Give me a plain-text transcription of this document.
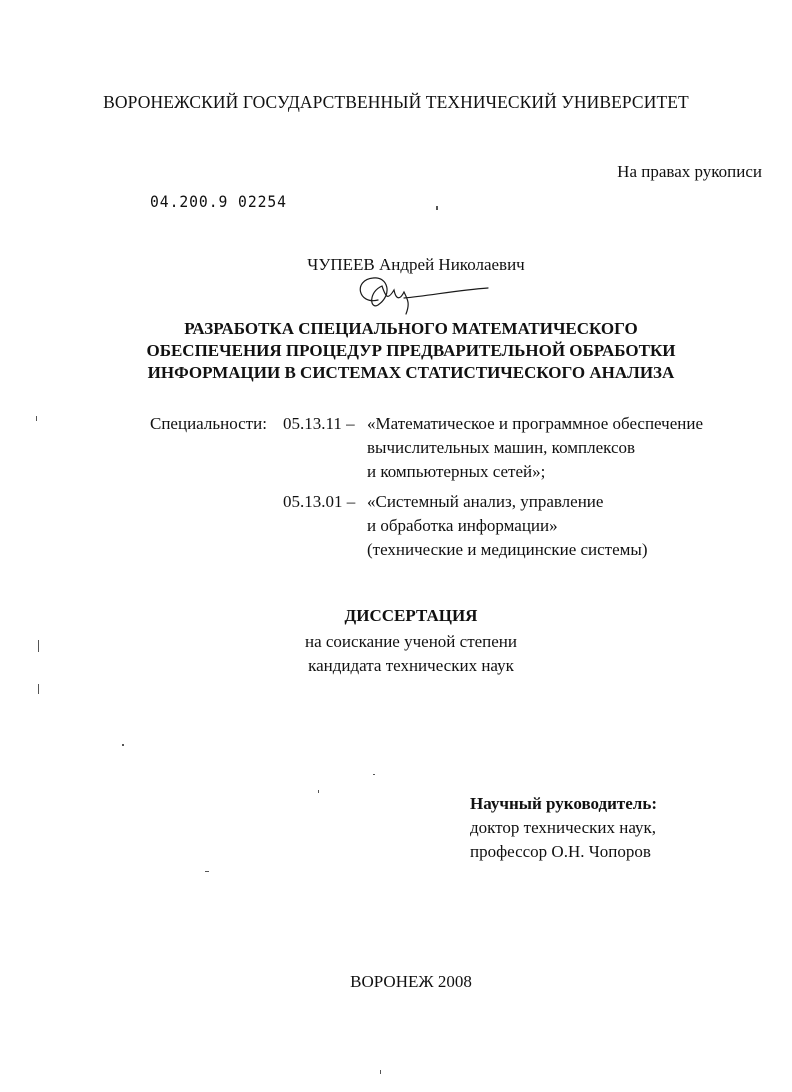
ВОРОНЕЖСКИЙ ГОСУДАРСТВЕННЫЙ ТЕХНИЧЕСКИЙ УНИВЕРСИТЕТ
На правах рукописи
04.200.9 02254
ЧУПЕЕВ Андрей Николаевич
РАЗРАБОТКА СПЕЦИАЛЬНОГО МАТЕМАТИЧЕСКОГО
ОБЕСПЕЧЕНИЯ ПРОЦЕДУР ПРЕДВАРИТЕЛЬНОЙ ОБРАБОТКИ
ИНФОРМАЦИИ В СИСТЕМАХ СТАТИСТИЧЕСКОГО АНАЛИЗА
Специальности: 05.13.11 – «Математическое и программное обеспечение
вычислительных машин, комплексов
и компьютерных сетей»;
05.13.01 – «Системный анализ, управление
и обработка информации»
(технические и медицинские системы)
ДИССЕРТАЦИЯ
на соискание ученой степени
кандидата технических наук
Научный руководитель:
доктор технических наук,
профессор О.Н. Чопоров
ВОРОНЕЖ 2008
